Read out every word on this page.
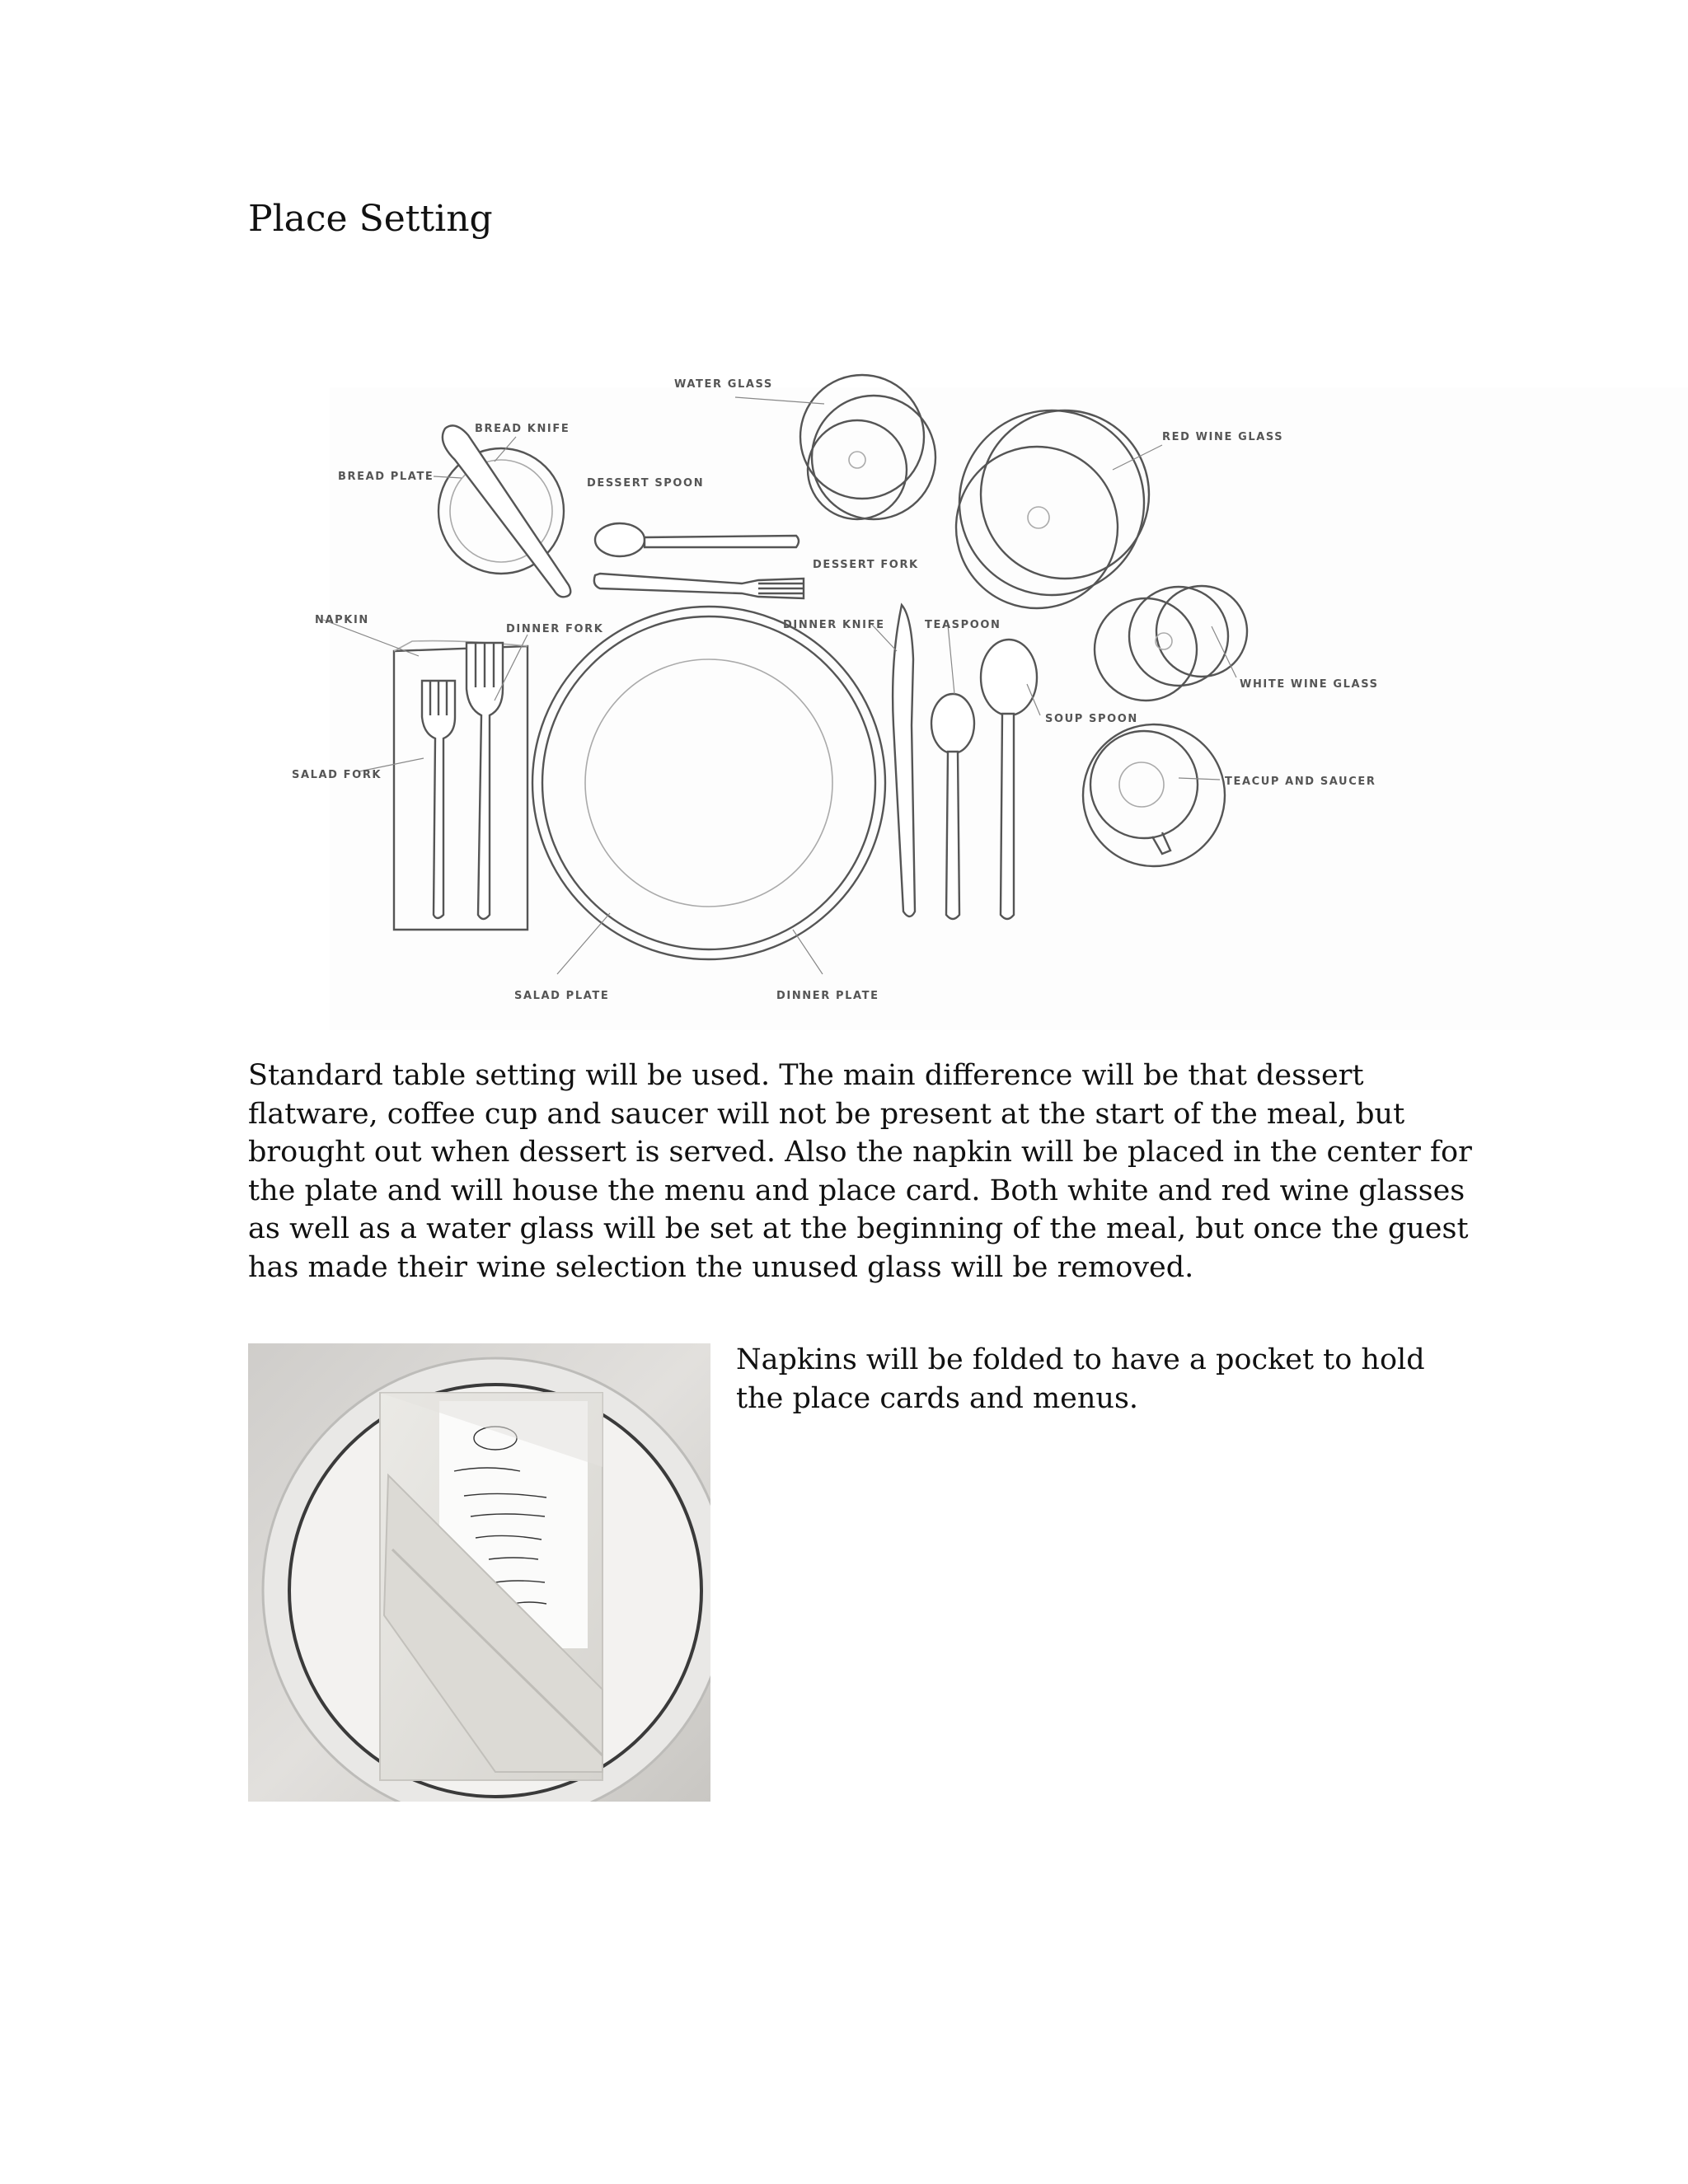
Place Setting
WATER GLASS
BREAD KNIFE
BREAD PLATE
DESSERT SPOON
RED WINE GLASS
DESSERT FORK
NAPKIN
DINNER FORK	DINNER KNIFE	TEASPOON
WHITE WINE GLASS
SOUP SPOON
SALAD FORK
TEACUP AND SAUCER
SALAD PLATE	DINNER PLATE

Standard table setting will be used. The main difference will be that dessert
flatware, coffee cup and saucer will not be present at the start of the meal, but
brought out when dessert is served. Also the napkin will be placed in the center for
the plate and will house the menu and place card. Both white and red wine glasses
as well as a water glass will be set at the beginning of the meal, but once the guest
has made their wine selection the unused glass will be removed.

Napkins will be folded to have a pocket to hold
the place cards and menus.
